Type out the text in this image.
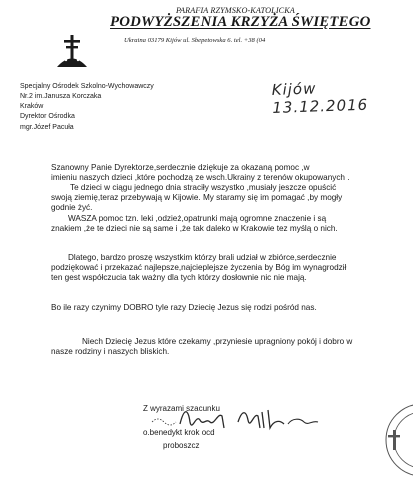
PARAFIA RZYMSKO-KATOLICKA
PODWYŻSZENIA KRZYŻA ŚWIĘTEGO
Ukraina 03179 Kijów ul. Sbepetowska 6. tel. +38 (04
Specjalny Ośrodek Szkolno-Wychowawczy
Nr.2 im.Janusza Korczaka
Kraków
Dyrektor Ośrodka
mgr.Józef Pacuła
Kijów 13.12.2016
Szanowny Panie Dyrektorze,serdecznie dziękuje za okazaną pomoc ,w
imieniu naszych dzieci ,które pochodzą ze wsch.Ukrainy z terenów okupowanych .
Te dzieci w ciągu jednego dnia straciły wszystko ,musiały jeszcze opuścić
swoją ziemię,teraz przebywają w Kijowie. My staramy się im pomagać ,by mogły
godnie żyć.
WASZA pomoc tzn. leki ,odzież,opatrunki mają ogromne znaczenie i są
znakiem ,że te dzieci nie są same i ,że tak daleko w Krakowie tez myślą o nich.
Dlatego, bardzo proszę wszystkim którzy brali udział w zbiórce,serdecznie
podziękować i przekazać najlepsze,najcieplejsze życzenia by Bóg im wynagrodził
ten gest współczucia tak ważny dla tych którzy dosłownie nic nie mają.
Bo ile razy czynimy DOBRO tyle razy Dziecię Jezus się rodzi pośród nas.
Niech Dziecię Jezus które czekamy ,przyniesie upragniony pokój i dobro w
nasze rodziny i naszych bliskich.
Z wyrazami szacunku
o.benedykt krok ocd
proboszcz
